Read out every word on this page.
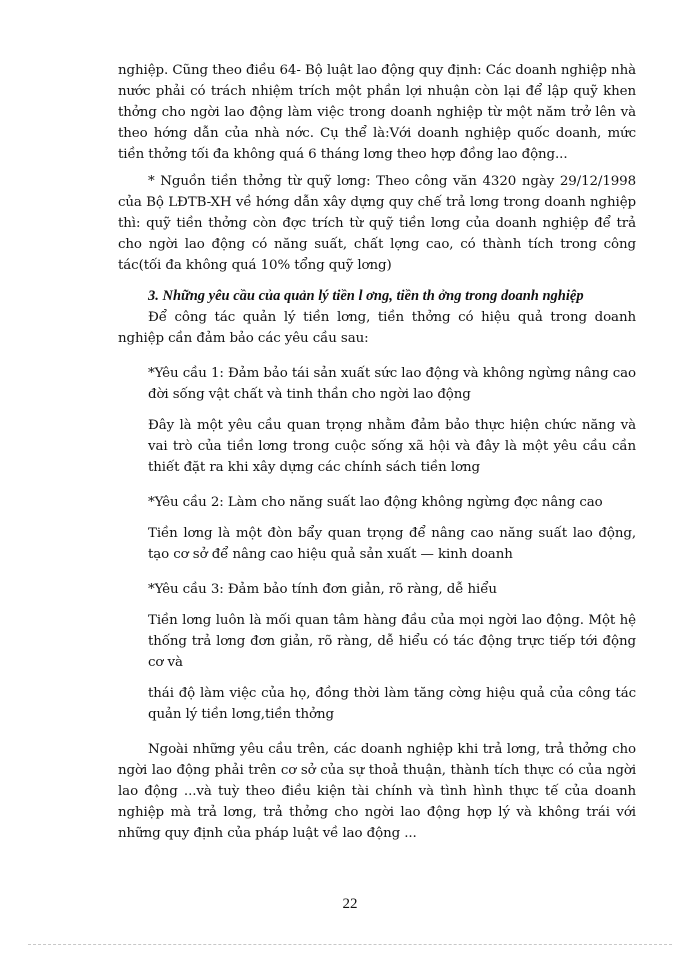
nghiệp. Cũng theo điều 64- Bộ luật lao động quy định: Các doanh nghiệp nhà nước phải có trách nhiệm trích một phần lợi nhuận còn lại để lập quỹ khen thởng cho ngời lao động làm việc trong doanh nghiệp từ một năm trở lên và theo hớng dẫn của nhà nớc. Cụ thể là:Với doanh nghiệp quốc doanh, mức tiền thởng tối đa không quá 6 tháng lơng theo hợp đồng lao động...

* Nguồn tiền thởng từ quỹ lơng: Theo công văn 4320 ngày 29/12/1998 của Bộ LĐTB-XH về hớng dẫn xây dựng quy chế trả lơng trong doanh nghiệp thì: quỹ tiền thởng còn đợc trích từ quỹ tiền lơng của doanh nghiệp để trả cho ngời lao động có năng suất, chất lợng cao, có thành tích trong công tác(tối đa không quá 10% tổng quỹ lơng)

3. Những yêu cầu của quản lý tiền l ơng, tiền th ởng trong doanh nghiệp

Để công tác quản lý tiền lơng, tiền thởng có hiệu quả trong doanh nghiệp cần đảm bảo các yêu cầu sau:

*Yêu cầu 1: Đảm bảo tái sản xuất sức lao động và không ngừng nâng cao đời sống vật chất và tinh thần cho ngời lao động

Đây là một yêu cầu quan trọng nhằm đảm bảo thực hiện chức năng và vai trò của tiền lơng trong cuộc sống xã hội và đây là một yêu cầu cần thiết đặt ra khi xây dựng các chính sách tiền lơng

*Yêu cầu 2: Làm cho năng suất lao động không ngừng đợc nâng cao

Tiền lơng là một đòn bẩy quan trọng để nâng cao năng suất lao động, tạo cơ sở để nâng cao hiệu quả sản xuất — kinh doanh

*Yêu cầu 3: Đảm bảo tính đơn giản, rõ ràng, dễ hiểu

Tiền lơng luôn là mối quan tâm hàng đầu của mọi ngời lao động. Một hệ thống trả lơng đơn giản, rõ ràng, dễ hiểu có tác động trực tiếp tới động cơ và

thái độ làm việc của họ, đồng thời làm tăng cờng hiệu quả của công tác quản lý tiền lơng,tiền thởng

Ngoài những yêu cầu trên, các doanh nghiệp khi trả lơng, trả thởng cho ngời lao động phải trên cơ sở của sự thoả thuận, thành tích thực có của ngời lao động ...và tuỳ theo điều kiện tài chính và tình hình thực tế của doanh nghiệp mà trả lơng, trả thởng cho ngời lao động hợp lý và không trái với những quy định của pháp luật về lao động ...

22
